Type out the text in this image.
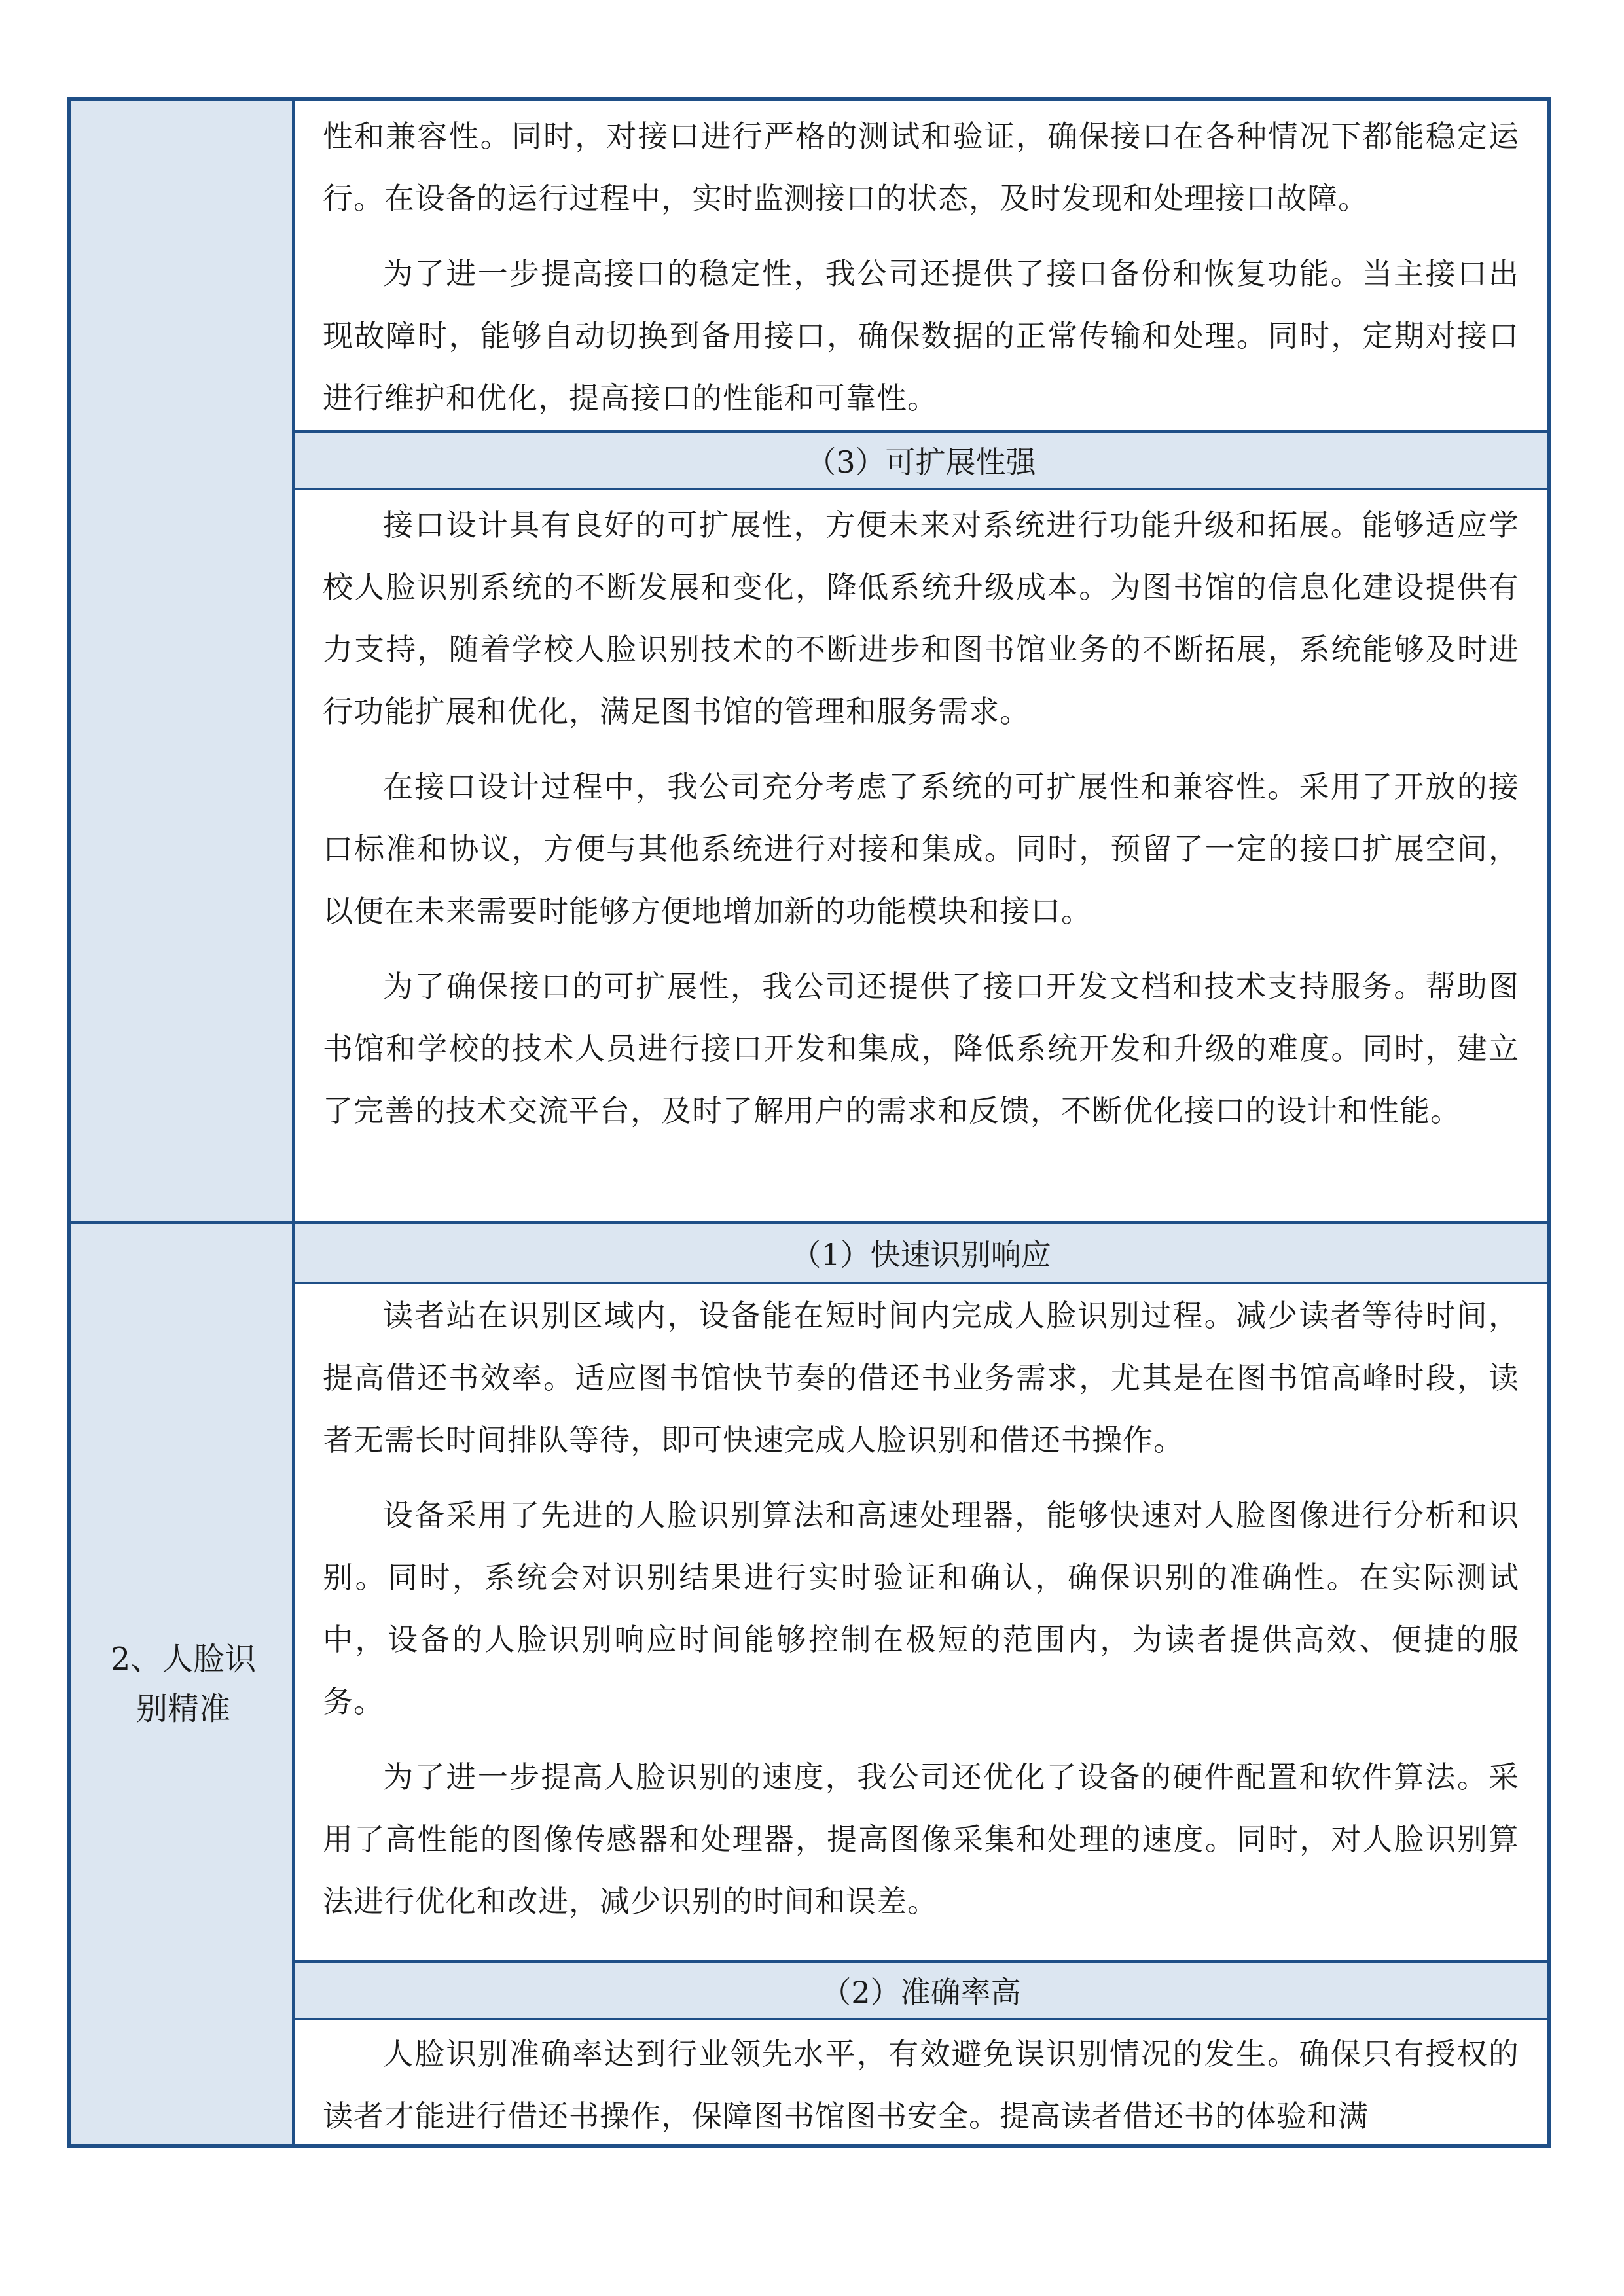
性和兼容性。同时，对接口进行严格的测试和验证，确保接口在各种情况下都能稳定运行。在设备的运行过程中，实时监测接口的状态，及时发现和处理接口故障。

为了进一步提高接口的稳定性，我公司还提供了接口备份和恢复功能。当主接口出现故障时，能够自动切换到备用接口，确保数据的正常传输和处理。同时，定期对接口进行维护和优化，提高接口的性能和可靠性。

（3）可扩展性强

接口设计具有良好的可扩展性，方便未来对系统进行功能升级和拓展。能够适应学校人脸识别系统的不断发展和变化，降低系统升级成本。为图书馆的信息化建设提供有力支持，随着学校人脸识别技术的不断进步和图书馆业务的不断拓展，系统能够及时进行功能扩展和优化，满足图书馆的管理和服务需求。

在接口设计过程中，我公司充分考虑了系统的可扩展性和兼容性。采用了开放的接口标准和协议，方便与其他系统进行对接和集成。同时，预留了一定的接口扩展空间，以便在未来需要时能够方便地增加新的功能模块和接口。

为了确保接口的可扩展性，我公司还提供了接口开发文档和技术支持服务。帮助图书馆和学校的技术人员进行接口开发和集成，降低系统开发和升级的难度。同时，建立了完善的技术交流平台，及时了解用户的需求和反馈，不断优化接口的设计和性能。

2、人脸识别精准
（1）快速识别响应

读者站在识别区域内，设备能在短时间内完成人脸识别过程。减少读者等待时间，提高借还书效率。适应图书馆快节奏的借还书业务需求，尤其是在图书馆高峰时段，读者无需长时间排队等待，即可快速完成人脸识别和借还书操作。

设备采用了先进的人脸识别算法和高速处理器，能够快速对人脸图像进行分析和识别。同时，系统会对识别结果进行实时验证和确认，确保识别的准确性。在实际测试中，设备的人脸识别响应时间能够控制在极短的范围内，为读者提供高效、便捷的服务。

为了进一步提高人脸识别的速度，我公司还优化了设备的硬件配置和软件算法。采用了高性能的图像传感器和处理器，提高图像采集和处理的速度。同时，对人脸识别算法进行优化和改进，减少识别的时间和误差。

（2）准确率高

人脸识别准确率达到行业领先水平，有效避免误识别情况的发生。确保只有授权的读者才能进行借还书操作，保障图书馆图书安全。提高读者借还书的体验和满
